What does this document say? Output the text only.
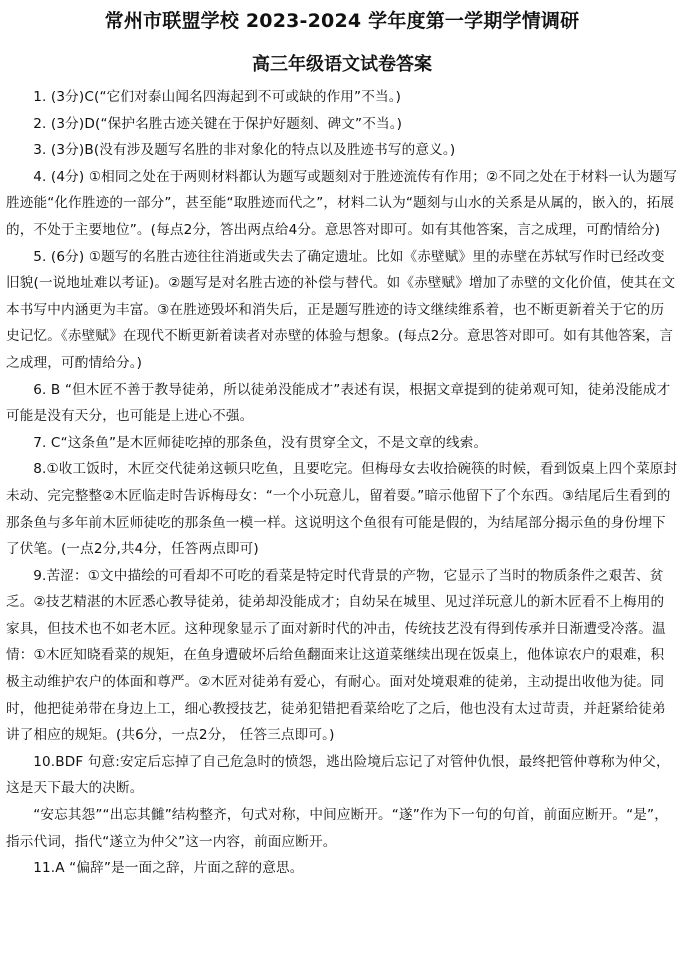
常州市联盟学校 2023-2024 学年度第一学期学情调研
高三年级语文试卷答案

1. (3分)C(“它们对泰山闻名四海起到不可或缺的作用”不当。)

2. (3分)D(“保护名胜古迹关键在于保护好题刻、碑文”不当。)

3. (3分)B(没有涉及题写名胜的非对象化的特点以及胜迹书写的意义。)

4. (4分) ①相同之处在于两则材料都认为题写或题刻对于胜迹流传有作用；②不同之处在于材料一认为题写胜迹能“化作胜迹的一部分”，甚至能“取胜迹而代之”，材料二认为“题刻与山水的关系是从属的，嵌入的，拓展的，不处于主要地位”。(每点2分，答出两点给4分。意思答对即可。如有其他答案，言之成理，可酌情给分)

5. (6分) ①题写的名胜古迹往往消逝或失去了确定遗址。比如《赤壁赋》里的赤壁在苏轼写作时已经改变旧貌(一说地址难以考证)。②题写是对名胜古迹的补偿与替代。如《赤壁赋》增加了赤壁的文化价值，使其在文本书写中内涵更为丰富。③在胜迹毁坏和消失后，正是题写胜迹的诗文继续维系着，也不断更新着关于它的历史记忆。《赤壁赋》在现代不断更新着读者对赤壁的体验与想象。(每点2分。意思答对即可。如有其他答案，言之成理，可酌情给分。)

6. B “但木匠不善于教导徒弟，所以徒弟没能成才”表述有误，根据文章提到的徒弟观可知，徒弟没能成才可能是没有天分，也可能是上进心不强。

7. C“这条鱼”是木匠师徒吃掉的那条鱼，没有贯穿全文，不是文章的线索。

8.①收工饭时，木匠交代徒弟这顿只吃鱼，且要吃完。但梅母女去收拾碗筷的时候，看到饭桌上四个菜原封未动、完完整整②木匠临走时告诉梅母女：“一个小玩意儿，留着耍。”暗示他留下了个东西。③结尾后生看到的那条鱼与多年前木匠师徒吃的那条鱼一模一样。这说明这个鱼很有可能是假的，为结尾部分揭示鱼的身份埋下了伏笔。(一点2分,共4分，任答两点即可)

9.苦涩：①文中描绘的可看却不可吃的看菜是特定时代背景的产物，它显示了当时的物质条件之艰苦、贫乏。②技艺精湛的木匠悉心教导徒弟，徒弟却没能成才；自幼呆在城里、见过洋玩意儿的新木匠看不上梅用的家具，但技术也不如老木匠。这种现象显示了面对新时代的冲击，传统技艺没有得到传承并日渐遭受冷落。温情：①木匠知晓看菜的规矩，在鱼身遭破坏后给鱼翻面来让这道菜继续出现在饭桌上，他体谅农户的艰难，积极主动维护农户的体面和尊严。②木匠对徒弟有爱心，有耐心。面对处境艰难的徒弟，主动提出收他为徒。同时，他把徒弟带在身边上工，细心教授技艺，徒弟犯错把看菜给吃了之后，他也没有太过苛责，并赶紧给徒弟讲了相应的规矩。(共6分，一点2分， 任答三点即可。)

10.BDF 句意:安定后忘掉了自己危急时的愤怨，逃出险境后忘记了对管仲仇恨，最终把管仲尊称为仲父，这是天下最大的决断。

“安忘其怨”“出忘其雠”结构整齐，句式对称，中间应断开。“遂”作为下一句的句首，前面应断开。“是”，指示代词，指代“遂立为仲父”这一内容，前面应断开。

11.A “偏辞”是一面之辞，片面之辞的意思。
